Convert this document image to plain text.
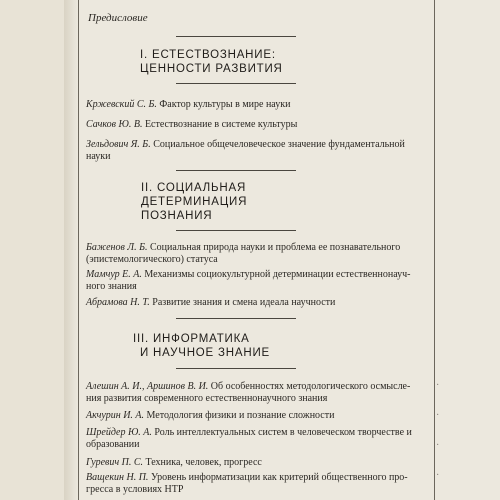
Предисловие
I. ЕСТЕСТВОЗНАНИЕ:
ЦЕННОСТИ РАЗВИТИЯ
Кржевский С. Б. Фактор культуры в мире науки
Сачков Ю. В. Естествознание в системе культуры
Зельдович Я. Б. Социальное общечеловеческое значение фундаментальной
науки
II. СОЦИАЛЬНАЯ
ДЕТЕРМИНАЦИЯ
ПОЗНАНИЯ
Баженов Л. Б. Социальная природа науки и проблема ее познавательного
(эпистемологического) статуса
Мамчур Е. А. Механизмы социокультурной детерминации естественнонауч-
ного знания
Абрамова Н. Т. Развитие знания и смена идеала научности
III. ИНФОРМАТИКА
И НАУЧНОЕ ЗНАНИЕ
Алешин А. И., Аршинов В. И. Об особенностях методологического осмысле-
ния развития современного естественнонаучного знания
Акчурин И. А. Методология физики и познание сложности
Шрейдер Ю. А. Роль интеллектуальных систем в человеческом творчестве и
образовании
Гуревич П. С. Техника, человек, прогресс
Ващекин Н. П. Уровень информатизации как критерий общественного про-
гресса в условиях НТР
·
·
·
·
